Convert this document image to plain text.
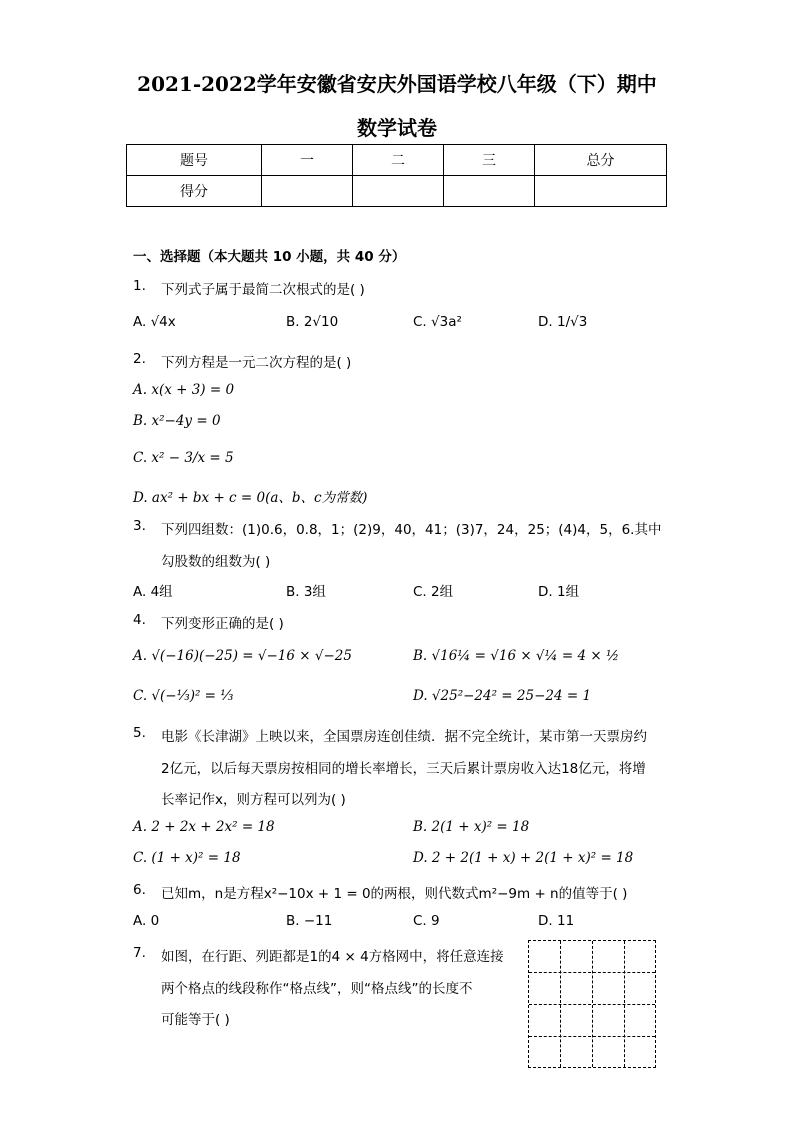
2021-2022学年安徽省安庆外国语学校八年级（下）期中
数学试卷
题号	一	二	三	总分
得分				
一、选择题（本大题共 10 小题，共 40 分）
1. 下列式子属于最简二次根式的是( )
A. √4x	B. 2√10	C. √3a²	D. 1/√3
2. 下列方程是一元二次方程的是( )
A. x(x + 3) = 0
B. x²−4y = 0
C. x² − 3/x = 5
D. ax² + bx + c = 0(a、b、c为常数)
3. 下列四组数：(1)0.6，0.8，1；(2)9，40，41；(3)7，24，25；(4)4，5，6.其中
勾股数的组数为( )
A. 4组	B. 3组	C. 2组	D. 1组
4. 下列变形正确的是( )
A. √(−16)(−25) = √−16 × √−25	B. √16¼ = √16 × √¼ = 4 × ½
C. √(−⅓)² = ⅓	D. √25²−24² = 25−24 = 1
5. 电影《长津湖》上映以来，全国票房连创佳绩．据不完全统计，某市第一天票房约
2亿元，以后每天票房按相同的增长率增长，三天后累计票房收入达18亿元，将增
长率记作x，则方程可以列为( )
A. 2 + 2x + 2x² = 18	B. 2(1 + x)² = 18
C. (1 + x)² = 18	D. 2 + 2(1 + x) + 2(1 + x)² = 18
6. 已知m，n是方程x²−10x + 1 = 0的两根，则代数式m²−9m + n的值等于( )
A. 0	B. −11	C. 9	D. 11
7. 如图，在行距、列距都是1的4 × 4方格网中，将任意连接
两个格点的线段称作“格点线”，则“格点线”的长度不
可能等于( )
